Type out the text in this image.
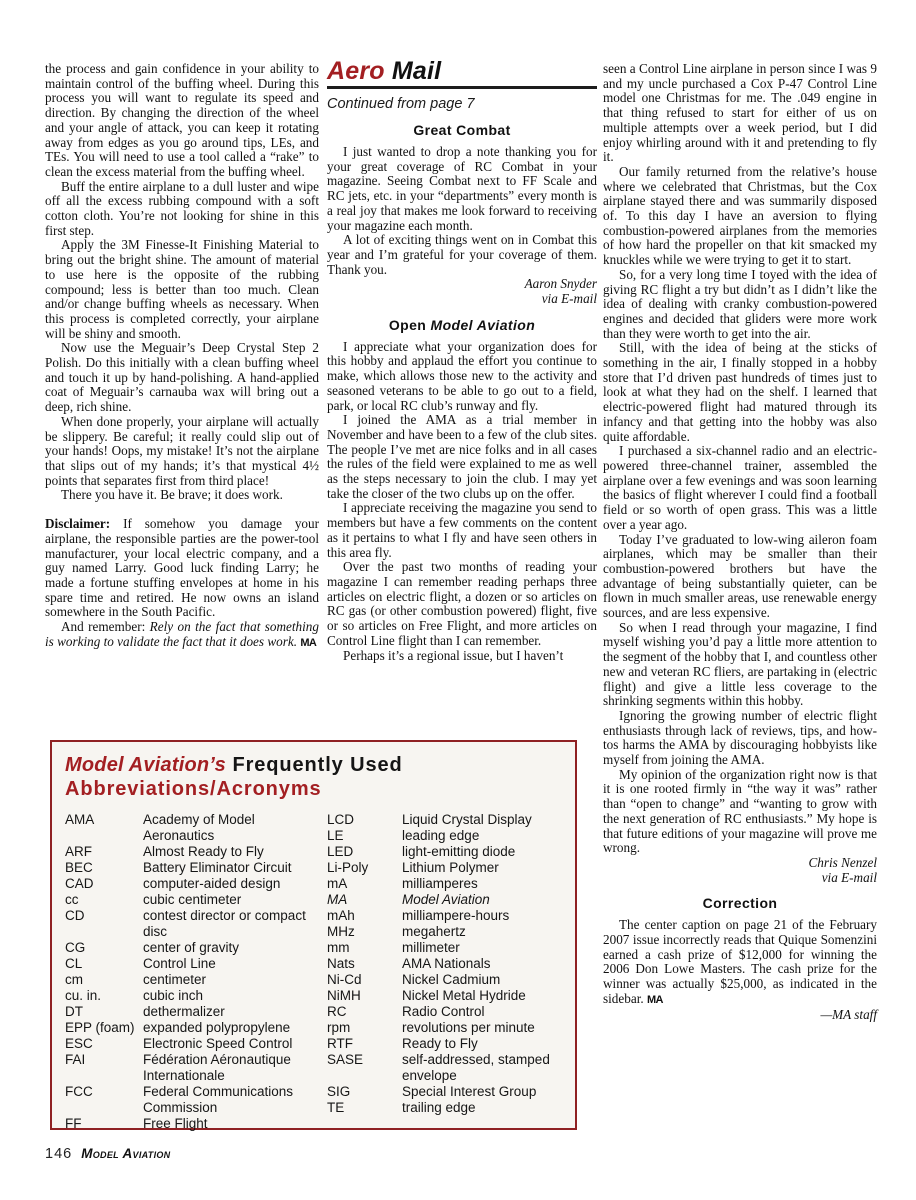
the process and gain confidence in your ability to maintain control of the buffing wheel. During this process you will want to regulate its speed and direction. By changing the direction of the wheel and your angle of attack, you can keep it rotating away from edges as you go around tips, LEs, and TEs. You will need to use a tool called a “rake” to clean the excess material from the buffing wheel.

Buff the entire airplane to a dull luster and wipe off all the excess rubbing compound with a soft cotton cloth. You’re not looking for shine in this first step.

Apply the 3M Finesse-It Finishing Material to bring out the bright shine. The amount of material to use here is the opposite of the rubbing compound; less is better than too much. Clean and/or change buffing wheels as necessary. When this process is completed correctly, your airplane will be shiny and smooth.

Now use the Meguair’s Deep Crystal Step 2 Polish. Do this initially with a clean buffing wheel and touch it up by hand-polishing. A hand-applied coat of Meguair’s carnauba wax will bring out a deep, rich shine.

When done properly, your airplane will actually be slippery. Be careful; it really could slip out of your hands! Oops, my mistake! It’s not the airplane that slips out of my hands; it’s that mystical 4½ points that separates first from third place!

There you have it. Be brave; it does work.

Disclaimer: If somehow you damage your airplane, the responsible parties are the power-tool manufacturer, your local electric company, and a guy named Larry. Good luck finding Larry; he made a fortune stuffing envelopes at home in his spare time and retired. He now owns an island somewhere in the South Pacific.

And remember: Rely on the fact that something is working to validate the fact that it does work. MA

Aero Mail

Continued from page 7

Great Combat

I just wanted to drop a note thanking you for your great coverage of RC Combat in your magazine. Seeing Combat next to FF Scale and RC jets, etc. in your “departments” every month is a real joy that makes me look forward to receiving your magazine each month.

A lot of exciting things went on in Combat this year and I’m grateful for your coverage of them. Thank you.

Aaron Snyder

via E-mail

Open Model Aviation

I appreciate what your organization does for this hobby and applaud the effort you continue to make, which allows those new to the activity and seasoned veterans to be able to go out to a field, park, or local RC club’s runway and fly.

I joined the AMA as a trial member in November and have been to a few of the club sites. The people I’ve met are nice folks and in all cases the rules of the field were explained to me as well as the steps necessary to join the club. I may yet take the closer of the two clubs up on the offer.

I appreciate receiving the magazine you send to members but have a few comments on the content as it pertains to what I fly and have seen others in this area fly.

Over the past two months of reading your magazine I can remember reading perhaps three articles on electric flight, a dozen or so articles on RC gas (or other combustion powered) flight, five or so articles on Free Flight, and more articles on Control Line flight than I can remember.

Perhaps it’s a regional issue, but I haven’t

seen a Control Line airplane in person since I was 9 and my uncle purchased a Cox P-47 Control Line model one Christmas for me. The .049 engine in that thing refused to start for either of us on multiple attempts over a week period, but I did enjoy whirling around with it and pretending to fly it.

Our family returned from the relative’s house where we celebrated that Christmas, but the Cox airplane stayed there and was summarily disposed of. To this day I have an aversion to flying combustion-powered airplanes from the memories of how hard the propeller on that kit smacked my knuckles while we were trying to get it to start.

So, for a very long time I toyed with the idea of giving RC flight a try but didn’t as I didn’t like the idea of dealing with cranky combustion-powered engines and decided that gliders were more work than they were worth to get into the air.

Still, with the idea of being at the sticks of something in the air, I finally stopped in a hobby store that I’d driven past hundreds of times just to look at what they had on the shelf. I learned that electric-powered flight had matured through its infancy and that getting into the hobby was also quite affordable.

I purchased a six-channel radio and an electric-powered three-channel trainer, assembled the airplane over a few evenings and was soon learning the basics of flight wherever I could find a football field or so worth of open grass. This was a little over a year ago.

Today I’ve graduated to low-wing aileron foam airplanes, which may be smaller than their combustion-powered brothers but have the advantage of being substantially quieter, can be flown in much smaller areas, use renewable energy sources, and are less expensive.

So when I read through your magazine, I find myself wishing you’d pay a little more attention to the segment of the hobby that I, and countless other new and veteran RC fliers, are partaking in (electric flight) and give a little less coverage to the shrinking segments within this hobby.

Ignoring the growing number of electric flight enthusiasts through lack of reviews, tips, and how-tos harms the AMA by discouraging hobbyists like myself from joining the AMA.

My opinion of the organization right now is that it is one rooted firmly in “the way it was” rather than “open to change” and “wanting to grow with the next generation of RC enthusiasts.” My hope is that future editions of your magazine will prove me wrong.

Chris Nenzel

via E-mail

Correction

The center caption on page 21 of the February 2007 issue incorrectly reads that Quique Somenzini earned a cash prize of $12,000 for winning the 2006 Don Lowe Masters. The cash prize for the winner was actually $25,000, as indicated in the sidebar. MA

—MA staff

Model Aviation’s Frequently Used
Abbreviations/Acronyms
AMA	Academy of Model Aeronautics
ARF	Almost Ready to Fly
BEC	Battery Eliminator Circuit
CAD	computer-aided design
cc	cubic centimeter
CD	contest director or compact disc
CG	center of gravity
CL	Control Line
cm	centimeter
cu. in.	cubic inch
DT	dethermalizer
EPP (foam) expanded polypropylene
ESC	Electronic Speed Control
FAI	Fédération Aéronautique Internationale
FCC	Federal Communications Commission
FF	Free Flight
LCD	Liquid Crystal Display
LE	leading edge
LED	light-emitting diode
Li-Poly	Lithium Polymer
mA	milliamperes
MA	Model Aviation
mAh	milliampere-hours
MHz	megahertz
mm	millimeter
Nats	AMA Nationals
Ni-Cd	Nickel Cadmium
NiMH	Nickel Metal Hydride
RC	Radio Control
rpm	revolutions per minute
RTF	Ready to Fly
SASE	self-addressed, stamped envelope
SIG	Special Interest Group
TE	trailing edge
146 Model Aviation
